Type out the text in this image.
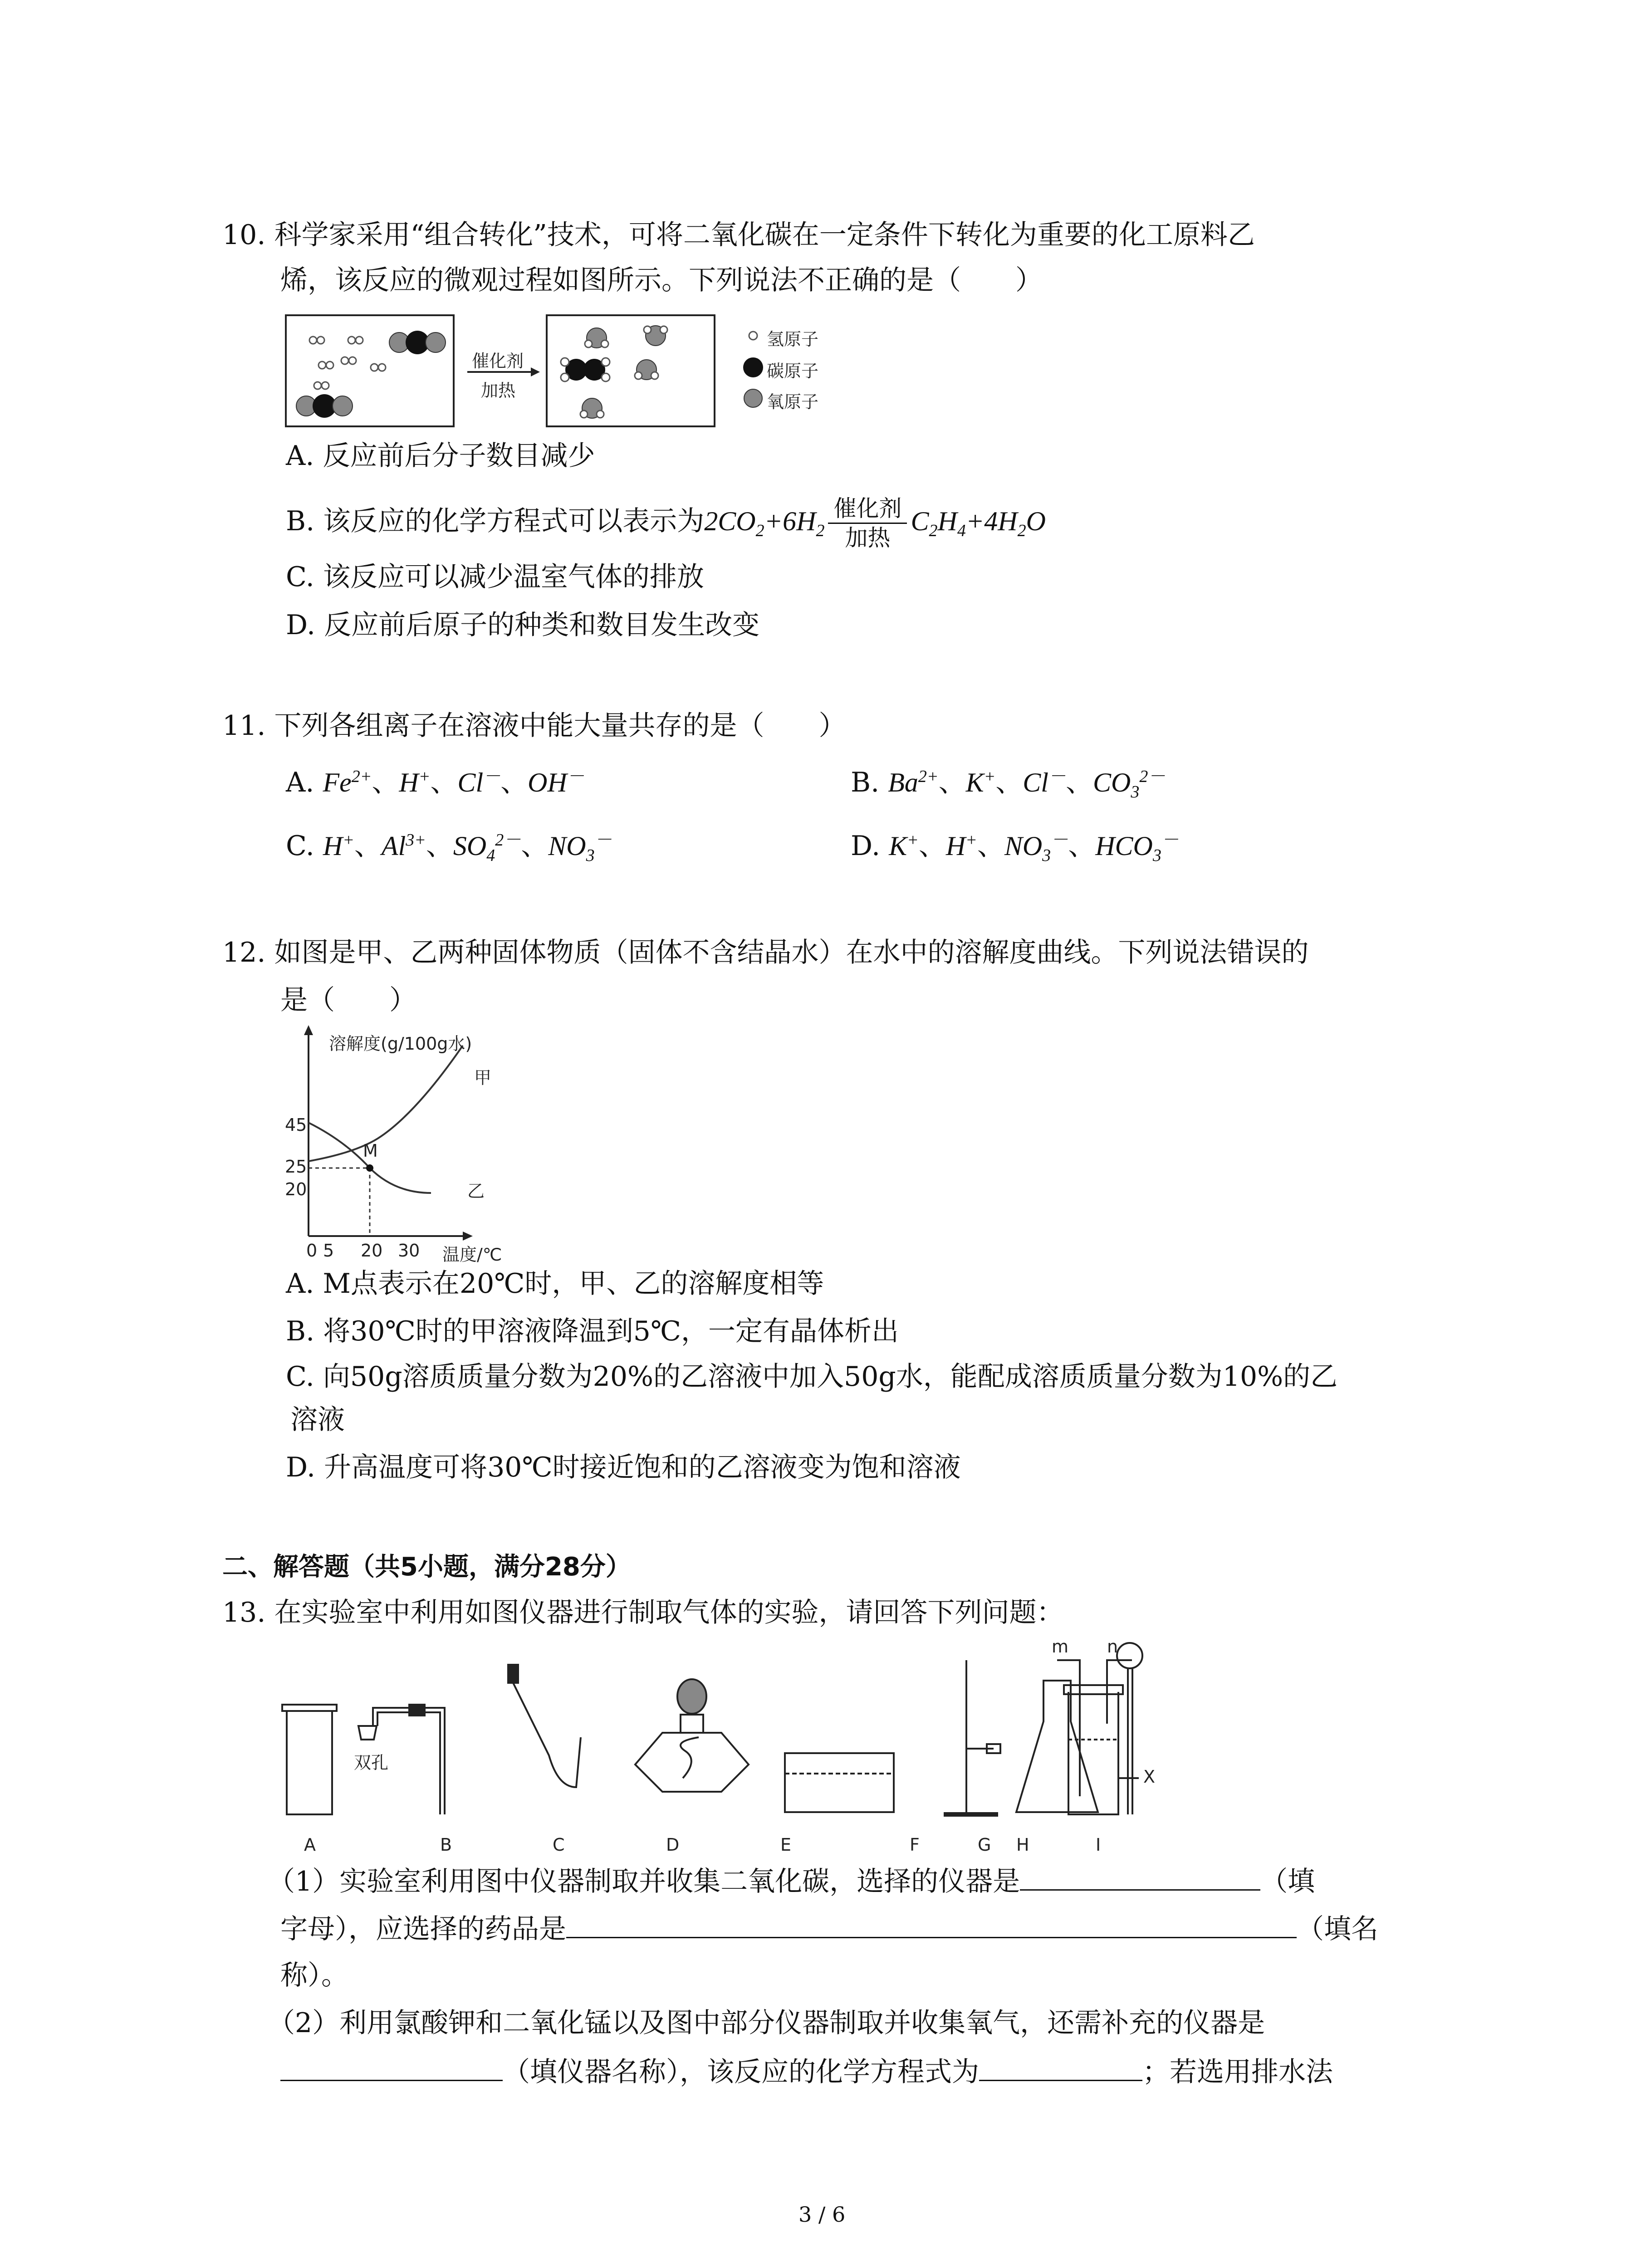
10. 科学家采用“组合转化”技术，可将二氧化碳在一定条件下转化为重要的化工原料乙
烯，该反应的微观过程如图所示。下列说法不正确的是（　　）
催化剂
加热
氢原子
碳原子
氧原子
A. 反应前后分子数目减少
B. 该反应的化学方程式可以表示为$2CO_2+6H_2 \frac{\text{催化剂}}{\text{加热}} C_2H_4+4H_2O$
C. 该反应可以减少温室气体的排放
D. 反应前后原子的种类和数目发生改变
11. 下列各组离子在溶液中能大量共存的是（　　）
A. $Fe^{2+}$、H+、Cl－、OH－	B. $Ba^{2+}$、K+、Cl－、$CO_3^{2-}$
C. H+、$Al^{3+}$、$SO_4^{2-}$、$NO_3^-$	D. K+、H+、$NO_3^-$、$HCO_3^-$
12. 如图是甲、乙两种固体物质（固体不含结晶水）在水中的溶解度曲线。下列说法错误的
是（　　）
溶解度(g/100g水)
甲
乙
M
45
25
20
0 5 20 30 温度/℃
A. M点表示在20℃时，甲、乙的溶解度相等
B. 将30℃时的甲溶液降温到5℃，一定有晶体析出
C. 向50g溶质质量分数为20%的乙溶液中加入50g水，能配成溶质质量分数为10%的乙
溶液
D. 升高温度可将30℃时接近饱和的乙溶液变为饱和溶液
二、解答题（共5小题，满分28分）
13. 在实验室中利用如图仪器进行制取气体的实验，请回答下列问题：
m n
X
双孔
A	B	C	D	E	F	G H	I
（1）实验室利用图中仪器制取并收集二氧化碳，选择的仪器是	（填
字母），应选择的药品是	（填名
称）。
（2）利用氯酸钾和二氧化锰以及图中部分仪器制取并收集氧气，还需补充的仪器是
（填仪器名称），该反应的化学方程式为	；若选用排水法
3 / 6
